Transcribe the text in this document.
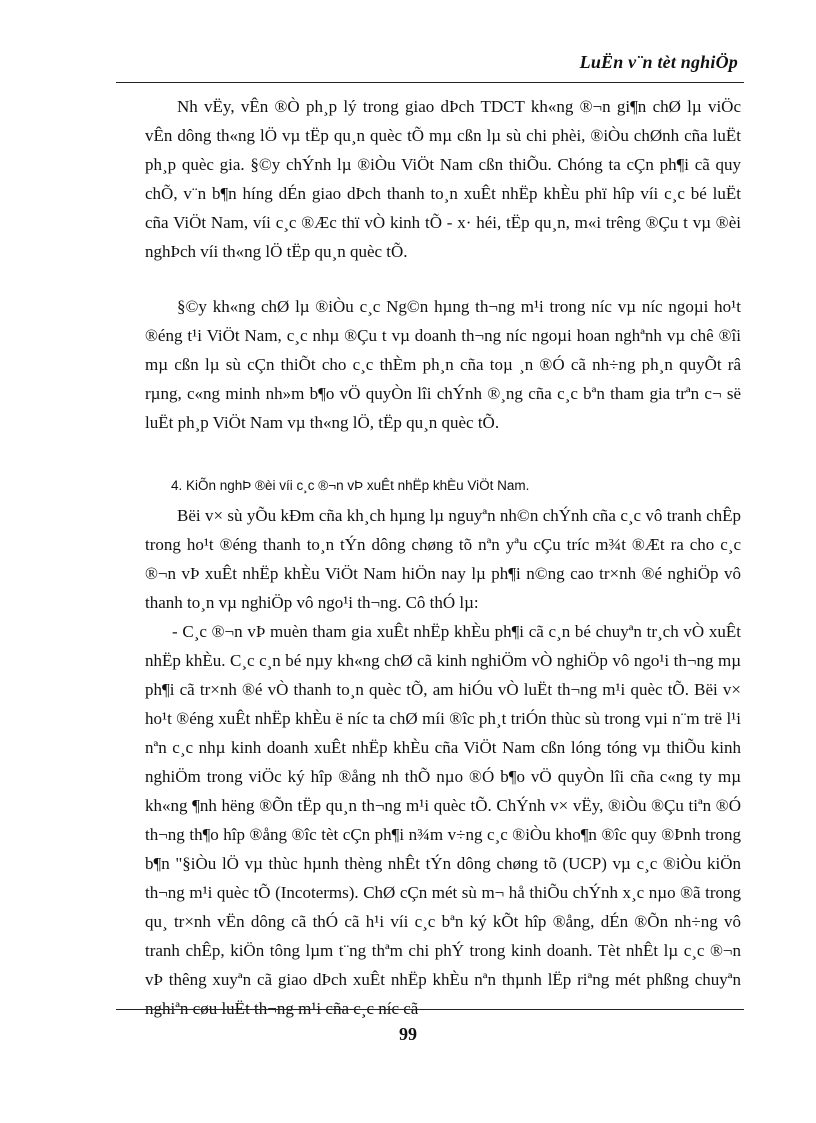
LuËn v¨n tèt nghiÖp

Nh vËy, vÊn ®Ò ph¸p lý trong giao dÞch TDCT kh«ng ®¬n gi¶n chØ lµ viÖc vÊn dông th«ng lÖ vµ tËp qu¸n quèc tÕ mµ cßn lµ sù chi phèi, ®iÒu chØnh cña luËt ph¸p quèc gia. §©y chÝnh lµ ®iÒu ViÖt Nam cßn thiÕu. Chóng ta cÇn ph¶i cã quy chÕ, v¨n b¶n híng dÉn giao dÞch thanh to¸n xuÊt nhËp khÈu phï hîp víi c¸c bé luËt cña ViÖt Nam, víi c¸c ®Æc thï vÒ kinh tÕ - x· héi, tËp qu¸n, m«i trêng ®Çu t vµ ®èi nghÞch víi th«ng lÖ tËp qu¸n quèc tÕ.

§©y kh«ng chØ lµ ®iÒu c¸c Ng©n hµng th¬ng m¹i trong níc vµ níc ngoµi ho¹t ®éng t¹i ViÖt Nam, c¸c nhµ ®Çu t vµ doanh th¬ng níc ngoµi hoan nghªnh vµ chê ®îi mµ cßn lµ sù cÇn thiÕt cho c¸c thÈm ph¸n cña toµ ¸n ®Ó cã nh÷ng ph¸n quyÕt râ rµng, c«ng minh nh»m b¶o vÖ quyÒn lîi chÝnh ®¸ng cña c¸c bªn tham gia trªn c¬ së luËt ph¸p ViÖt Nam vµ th«ng lÖ, tËp qu¸n quèc tÕ.

4. KiÕn nghÞ ®èi víi c¸c ®¬n vÞ xuÊt nhËp khÈu ViÖt Nam.

Bëi v× sù yÕu kÐm cña kh¸ch hµng lµ nguyªn nh©n chÝnh cña c¸c vô tranh chÊp trong ho¹t ®éng thanh to¸n tÝn dông chøng tõ nªn yªu cÇu tríc m¾t ®Æt ra cho c¸c ®¬n vÞ xuÊt nhËp khÈu ViÖt Nam hiÖn nay lµ ph¶i n©ng cao tr×nh ®é nghiÖp vô thanh to¸n vµ nghiÖp vô ngo¹i th¬ng. Cô thÓ lµ:

- C¸c ®¬n vÞ muèn tham gia xuÊt nhËp khÈu ph¶i cã c¸n bé chuyªn tr¸ch vÒ xuÊt nhËp khÈu. C¸c c¸n bé nµy kh«ng chØ cã kinh nghiÖm vÒ nghiÖp vô ngo¹i th¬ng mµ ph¶i cã tr×nh ®é vÒ thanh to¸n quèc tÕ, am hiÓu vÒ luËt th¬ng m¹i quèc tÕ. Bëi v× ho¹t ®éng xuÊt nhËp khÈu ë níc ta chØ míi ®îc ph¸t triÓn thùc sù trong vµi n¨m trë l¹i nªn c¸c nhµ kinh doanh xuÊt nhËp khÈu cña ViÖt Nam cßn lóng tóng vµ thiÕu kinh nghiÖm trong viÖc ký hîp ®ång nh thÕ nµo ®Ó b¶o vÖ quyÒn lîi cña c«ng ty mµ kh«ng ¶nh hëng ®Õn tËp qu¸n th¬ng m¹i quèc tÕ. ChÝnh v× vËy, ®iÒu ®Çu tiªn ®Ó th¬ng th¶o hîp ®ång ®îc tèt cÇn ph¶i n¾m v÷ng c¸c ®iÒu kho¶n ®îc quy ®Þnh trong b¶n "§iÒu lÖ vµ thùc hµnh thèng nhÊt tÝn dông chøng tõ (UCP) vµ c¸c ®iÒu kiÖn th¬ng m¹i quèc tÕ (Incoterms). ChØ cÇn mét sù m¬ hå thiÕu chÝnh x¸c nµo ®ã trong qu¸ tr×nh vËn dông cã thÓ cã h¹i víi c¸c bªn ký kÕt hîp ®ång, dÉn ®Õn nh÷ng vô tranh chÊp, kiÖn tông lµm t¨ng thªm chi phÝ trong kinh doanh. Tèt nhÊt lµ c¸c ®¬n vÞ thêng xuyªn cã giao dÞch xuÊt nhËp khÈu nªn thµnh lËp riªng mét phßng chuyªn nghiªn cøu luËt th¬ng m¹i cña c¸c níc cã

99
